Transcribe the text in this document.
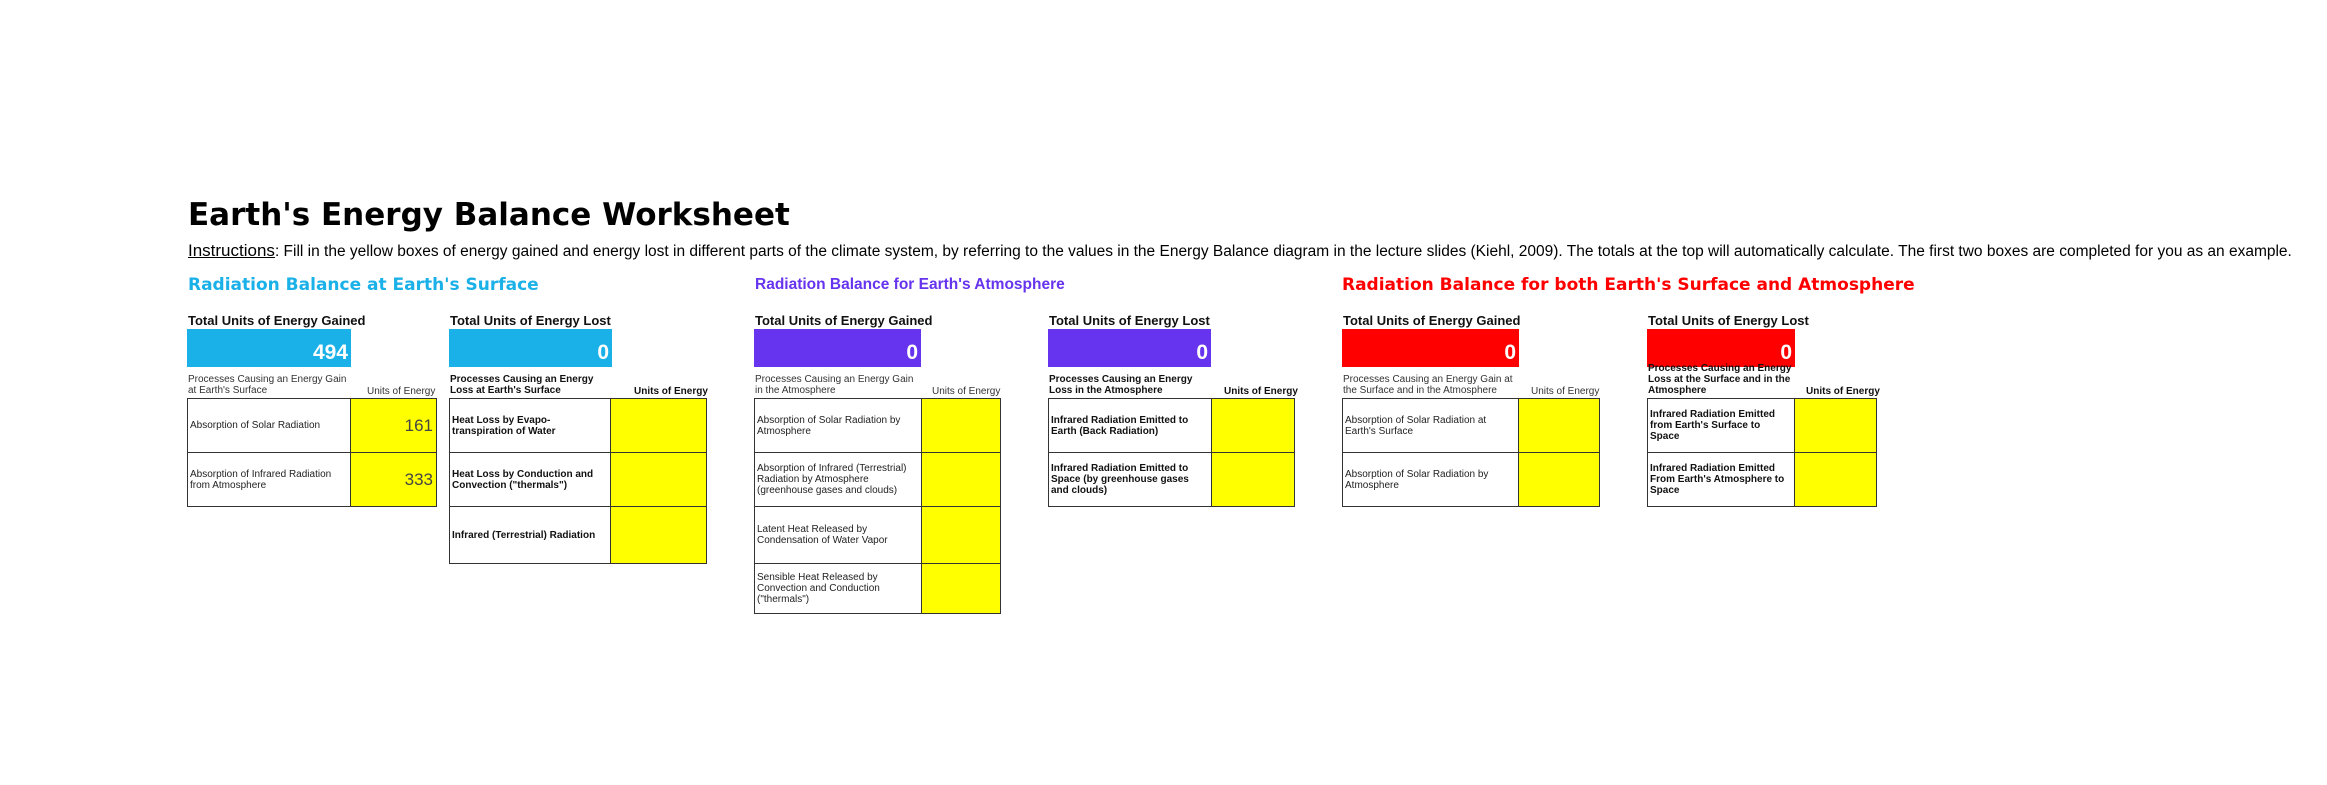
Earth's Energy Balance Worksheet
Instructions: Fill in the yellow boxes of energy gained and energy lost in different parts of the climate system, by referring to the values in the Energy Balance diagram in the lecture slides (Kiehl, 2009). The totals at the top will automatically calculate. The first two boxes are completed for you as an example.
Radiation Balance at Earth's Surface	Radiation Balance for Earth's Atmosphere	Radiation Balance for both Earth's Surface and Atmosphere
Total Units of Energy Gained
494
Processes Causing an Energy Gain at Earth's Surface	Units of Energy
Absorption of Solar Radiation	161
Absorption of Infrared Radiation from Atmosphere	333
Total Units of Energy Lost
0
Processes Causing an Energy Loss at Earth's Surface	Units of Energy
Heat Loss by Evapo-transpiration of Water	
Heat Loss by Conduction and Convection ("thermals")	
Infrared (Terrestrial) Radiation	
Total Units of Energy Gained
0
Processes Causing an Energy Gain in the Atmosphere	Units of Energy
Absorption of Solar Radiation by Atmosphere	
Absorption of Infrared (Terrestrial) Radiation by Atmosphere (greenhouse gases and clouds)	
Latent Heat Released by Condensation of Water Vapor	
Sensible Heat Released by Convection and Conduction ("thermals")	
Total Units of Energy Lost
0
Processes Causing an Energy Loss in the Atmosphere	Units of Energy
Infrared Radiation Emitted to Earth (Back Radiation)	
Infrared Radiation Emitted to Space (by greenhouse gases and clouds)	
Total Units of Energy Gained
0
Processes Causing an Energy Gain at the Surface and in the Atmosphere	Units of Energy
Absorption of Solar Radiation at Earth's Surface	
Absorption of Solar Radiation by Atmosphere	
Total Units of Energy Lost
0
Processes Causing an Energy Loss at the Surface and in the Atmosphere	Units of Energy
Infrared Radiation Emitted from Earth's Surface to Space	
Infrared Radiation Emitted From Earth's Atmosphere to Space	
